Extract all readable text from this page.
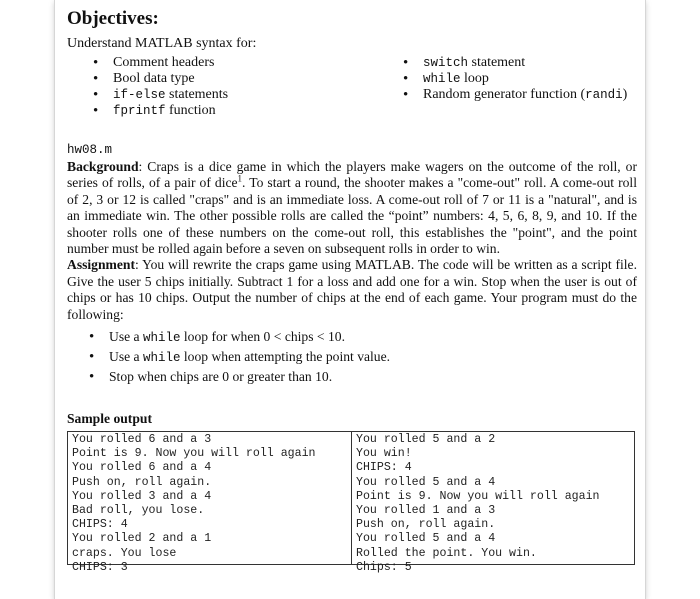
Objectives:
Understand MATLAB syntax for:
• Comment headers
• Bool data type
• if-else statements
• fprintf function
• switch statement
• while loop
• Random generator function (randi)
hw08.m

Background: Craps is a dice game in which the players make wagers on the outcome of the roll, or series of rolls, of a pair of dice$^1$. To start a round, the shooter makes a "come-out" roll. A come-out roll of 2, 3 or 12 is called "craps" and is an immediate loss. A come-out roll of 7 or 11 is a "natural", and is an immediate win. The other possible rolls are called the “point” numbers: 4, 5, 6, 8, 9, and 10. If the shooter rolls one of these numbers on the come-out roll, this establishes the "point", and the point number must be rolled again before a seven on subsequent rolls in order to win.

Assignment: You will rewrite the craps game using MATLAB. The code will be written as a script file. Give the user 5 chips initially. Subtract 1 for a loss and add one for a win. Stop when the user is out of chips or has 10 chips. Output the number of chips at the end of each game. Your program must do the following:

• Use a while loop for when 0 < chips < 10.
• Use a while loop when attempting the point value.
• Stop when chips are 0 or greater than 10.
Sample output
You rolled 6 and a 3
Point is 9. Now you will roll again
You rolled 6 and a 4
Push on, roll again.
You rolled 3 and a 4
Bad roll, you lose.
CHIPS: 4
You rolled 2 and a 1
craps. You lose
CHIPS: 3
You rolled 5 and a 2
You win!
CHIPS: 4
You rolled 5 and a 4
Point is 9. Now you will roll again
You rolled 1 and a 3
Push on, roll again.
You rolled 5 and a 4
Rolled the point. You win.
Chips: 5
